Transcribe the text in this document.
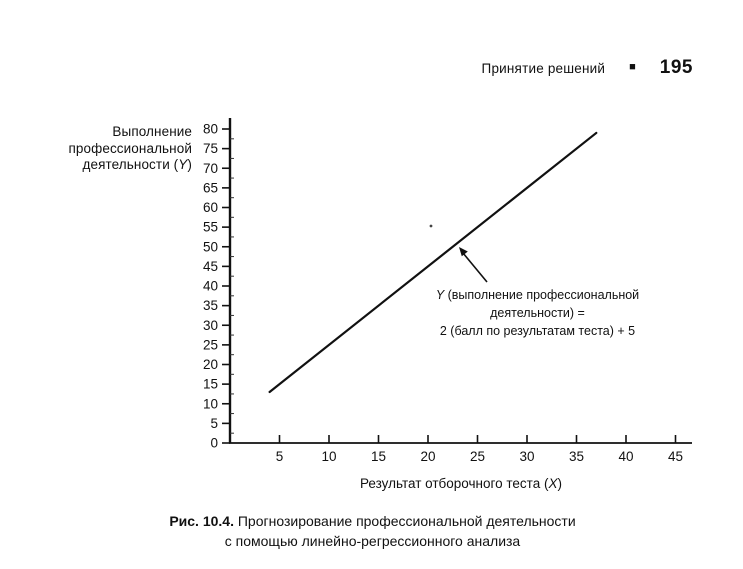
Принятие решений ■ 195
Выполнение
профессиональной
деятельности (Y)
0
5
10
15
20
25
30
35
40
45
50
55
60
65
70
75
80
5	10	15	20	25	30	35	40	45
Y (выполнение профессиональной
деятельности) =
2 (балл по результатам теста) + 5
Результат отборочного теста (X)
Рис. 10.4. Прогнозирование профессиональной деятельности
с помощью линейно-регрессионного анализа
